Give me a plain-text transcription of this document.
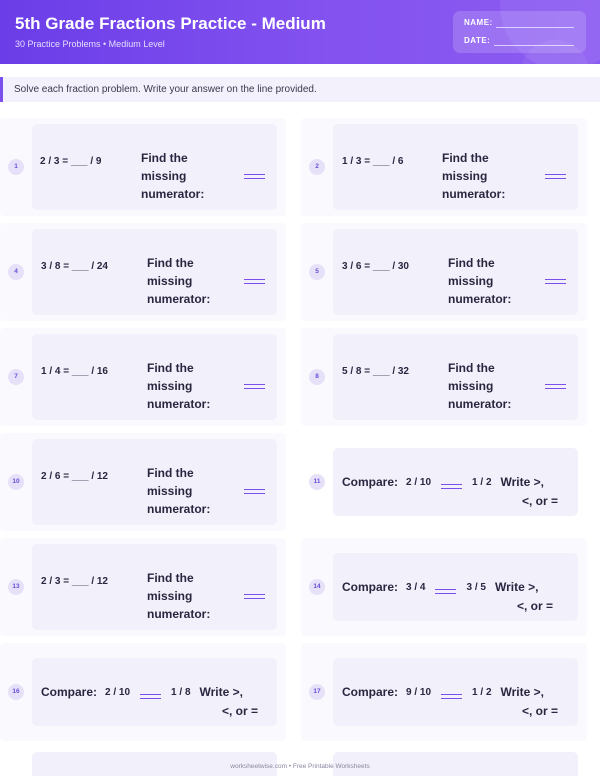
5th Grade Fractions Practice - Medium
30 Practice Problems • Medium Level
NAME:
DATE:
Solve each fraction problem. Write your answer on the line provided.
1	2 / 3 = ___ / 9	Find the
missing
numerator:
2	1 / 3 = ___ / 6	Find the
missing
numerator:
4	3 / 8 = ___ / 24	Find the
missing
numerator:
5	3 / 6 = ___ / 30	Find the
missing
numerator:
7	1 / 4 = ___ / 16	Find the
missing
numerator:
8	5 / 8 = ___ / 32	Find the
missing
numerator:
10	2 / 6 = ___ / 12	Find the
missing
numerator:
11	Compare: 2 / 10	1 / 2 Write >,
<, or =
13	2 / 3 = ___ / 12	Find the
missing
numerator:
14	Compare: 3 / 4	3 / 5 Write >,
<, or =
16	Compare: 2 / 10	1 / 8 Write >,
<, or =
17	Compare: 9 / 10	1 / 2 Write >,
<, or =
worksheetwise.com • Free Printable Worksheets
